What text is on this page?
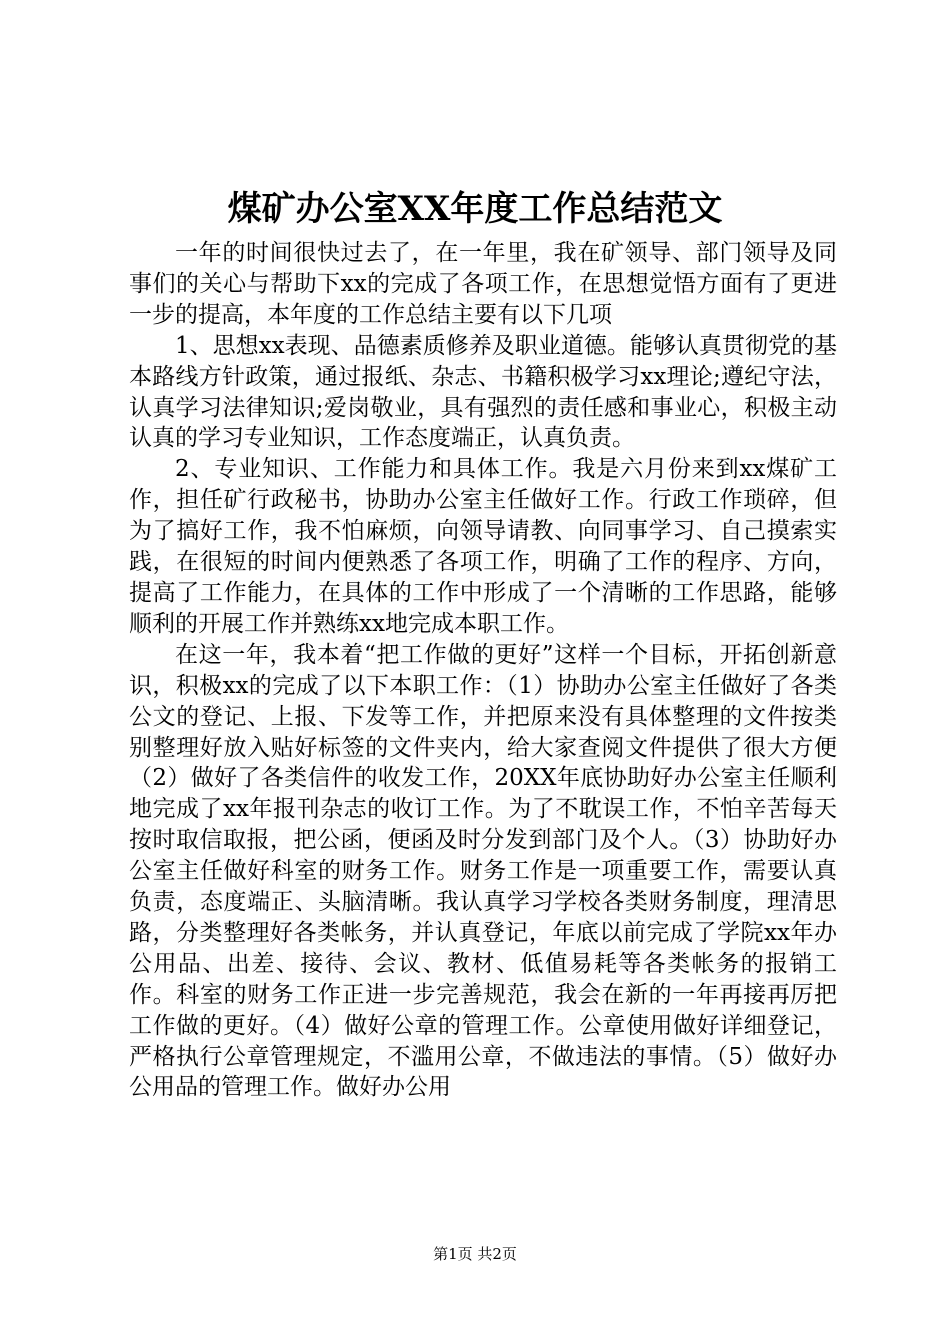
煤矿办公室XX年度工作总结范文

一年的时间很快过去了，在一年里，我在矿领导、部门领导及同事们的关心与帮助下xx的完成了各项工作，在思想觉悟方面有了更进一步的提高，本年度的工作总结主要有以下几项

1、思想xx表现、品德素质修养及职业道德。能够认真贯彻党的基本路线方针政策，通过报纸、杂志、书籍积极学习xx理论;遵纪守法，认真学习法律知识;爱岗敬业，具有强烈的责任感和事业心，积极主动认真的学习专业知识，工作态度端正，认真负责。

2、专业知识、工作能力和具体工作。我是六月份来到xx煤矿工作，担任矿行政秘书，协助办公室主任做好工作。行政工作琐碎，但为了搞好工作，我不怕麻烦，向领导请教、向同事学习、自己摸索实践，在很短的时间内便熟悉了各项工作，明确了工作的程序、方向，提高了工作能力，在具体的工作中形成了一个清晰的工作思路，能够顺利的开展工作并熟练xx地完成本职工作。

在这一年，我本着“把工作做的更好”这样一个目标，开拓创新意识，积极xx的完成了以下本职工作：（1）协助办公室主任做好了各类公文的登记、上报、下发等工作，并把原来没有具体整理的文件按类别整理好放入贴好标签的文件夹内，给大家查阅文件提供了很大方便（2）做好了各类信件的收发工作，20XX年底协助好办公室主任顺利地完成了xx年报刊杂志的收订工作。为了不耽误工作，不怕辛苦每天按时取信取报，把公函，便函及时分发到部门及个人。（3）协助好办公室主任做好科室的财务工作。财务工作是一项重要工作，需要认真负责，态度端正、头脑清晰。我认真学习学校各类财务制度，理清思路，分类整理好各类帐务，并认真登记，年底以前完成了学院xx年办公用品、出差、接待、会议、教材、低值易耗等各类帐务的报销工作。科室的财务工作正进一步完善规范，我会在新的一年再接再厉把工作做的更好。（4）做好公章的管理工作。公章使用做好详细登记，严格执行公章管理规定，不滥用公章，不做违法的事情。（5）做好办公用品的管理工作。做好办公用

第1页 共2页
